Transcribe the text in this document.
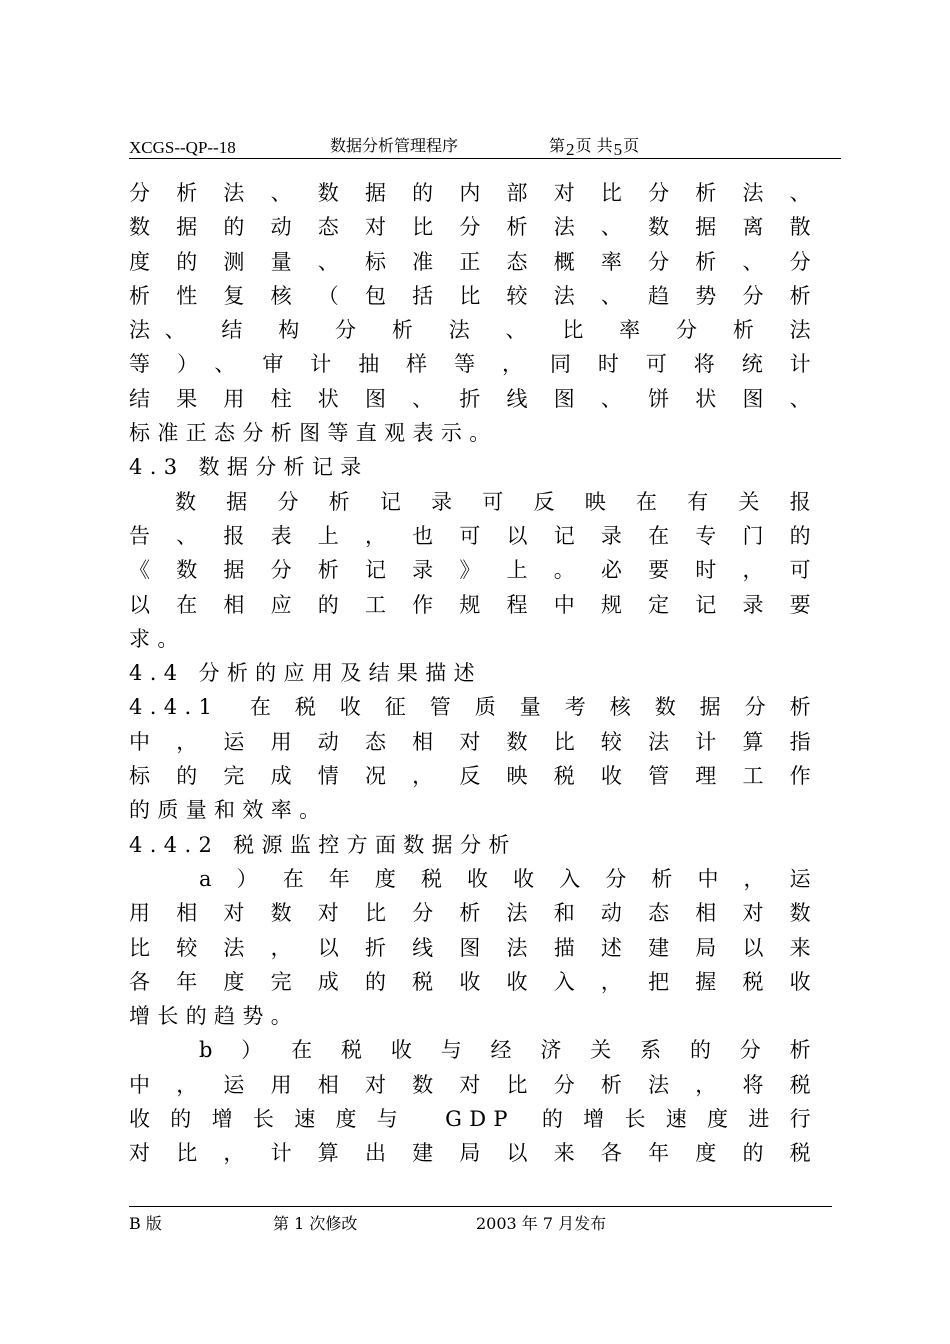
XCGS--QP--18	数据分析管理程序	第2页 共5页
分析法、数据的内部对比分析法、
数据的动态对比分析法、数据离散
度的测量、标准正态概率分析、分
析性复核（包括比较法、趋势分析
法、 结 构 分 析 法 、 比 率 分 析 法
等）、审计抽样等，同时可将统计
结果用柱状图、折线图、饼状图、
标准正态分析图等直观表示。
4.3 数据分析记录
数据分析记录可反映在有关报
告、报表上，也可以记录在专门的
《数据分析记录》上。必要时，可
以在相应的工作规程中规定记录要
求。
4.4 分析的应用及结果描述
4.4.1 在税收征管质量考核数据分析
中，运用动态相对数比较法计算指
标的完成情况，反映税收管理工作
的质量和效率。
4.4.2 税源监控方面数据分析
a）在年度税收收入分析中，运
用相对数对比分析法和动态相对数
比较法，以折线图法描述建局以来
各年度完成的税收收入，把握税收
增长的趋势。
b）在税收与经济关系的分析
中，运用相对数对比分析法，将税
收的增长速度与 GDP 的增长速度进行
对比，计算出建局以来各年度的税
B 版	第 1 次修改	2003 年 7 月发布
